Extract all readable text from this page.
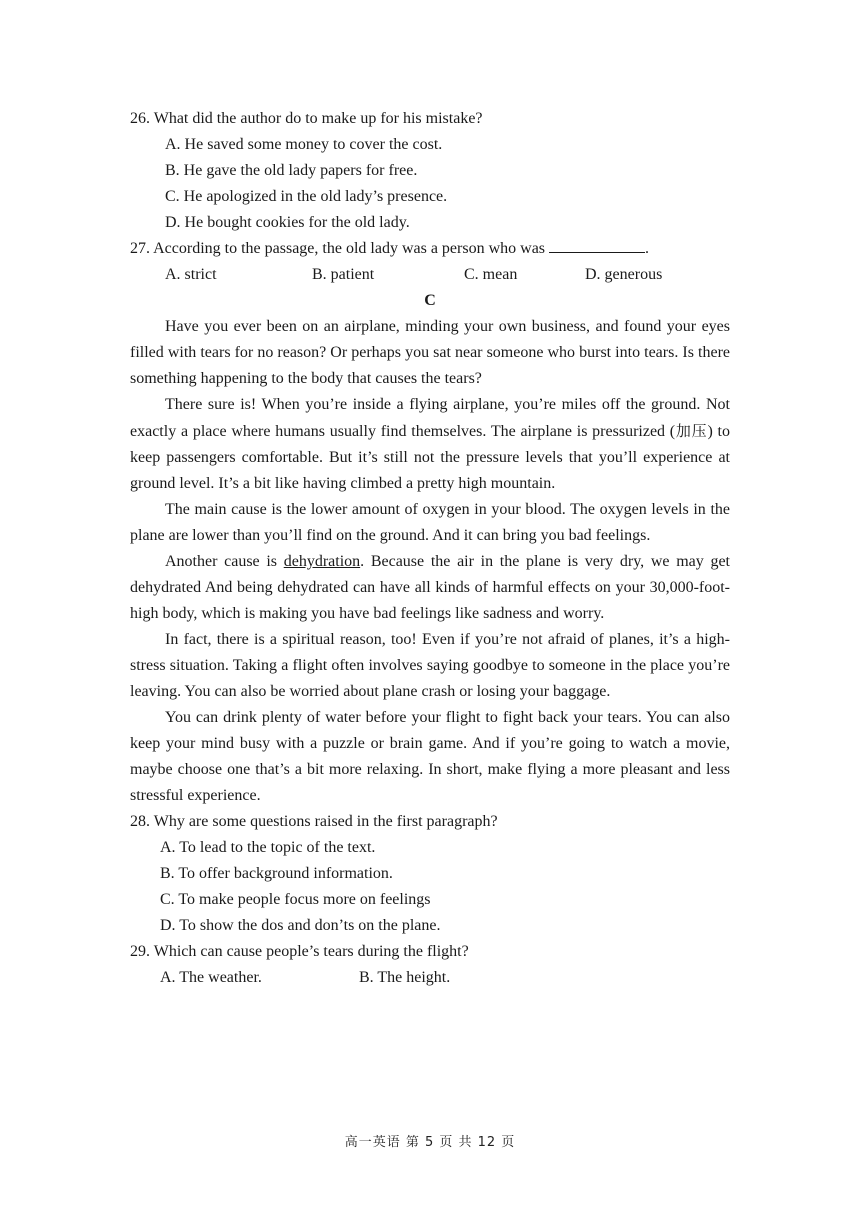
26. What did the author do to make up for his mistake?
A. He saved some money to cover the cost.
B. He gave the old lady papers for free.
C. He apologized in the old lady’s presence.
D. He bought cookies for the old lady.
27. According to the passage, the old lady was a person who was	.
A. strict	B. patient	C. mean	D. generous
C

Have you ever been on an airplane, minding your own business, and found your eyes filled with tears for no reason? Or perhaps you sat near someone who burst into tears. Is there something happening to the body that causes the tears?

There sure is! When you’re inside a flying airplane, you’re miles off the ground. Not exactly a place where humans usually find themselves. The airplane is pressurized (加压) to keep passengers comfortable. But it’s still not the pressure levels that you’ll experience at ground level. It’s a bit like having climbed a pretty high mountain.

The main cause is the lower amount of oxygen in your blood. The oxygen levels in the plane are lower than you’ll find on the ground. And it can bring you bad feelings.

Another cause is dehydration. Because the air in the plane is very dry, we may get dehydrated And being dehydrated can have all kinds of harmful effects on your 30,000-foot-high body, which is making you have bad feelings like sadness and worry.

In fact, there is a spiritual reason, too! Even if you’re not afraid of planes, it’s a high-stress situation. Taking a flight often involves saying goodbye to someone in the place you’re leaving. You can also be worried about plane crash or losing your baggage.

You can drink plenty of water before your flight to fight back your tears. You can also keep your mind busy with a puzzle or brain game. And if you’re going to watch a movie, maybe choose one that’s a bit more relaxing. In short, make flying a more pleasant and less stressful experience.

28. Why are some questions raised in the first paragraph?
A. To lead to the topic of the text.
B. To offer background information.
C. To make people focus more on feelings
D. To show the dos and don’ts on the plane.
29. Which can cause people’s tears during the flight?
A. The weather.	B. The height.
高一英语 第 5 页 共 12 页
